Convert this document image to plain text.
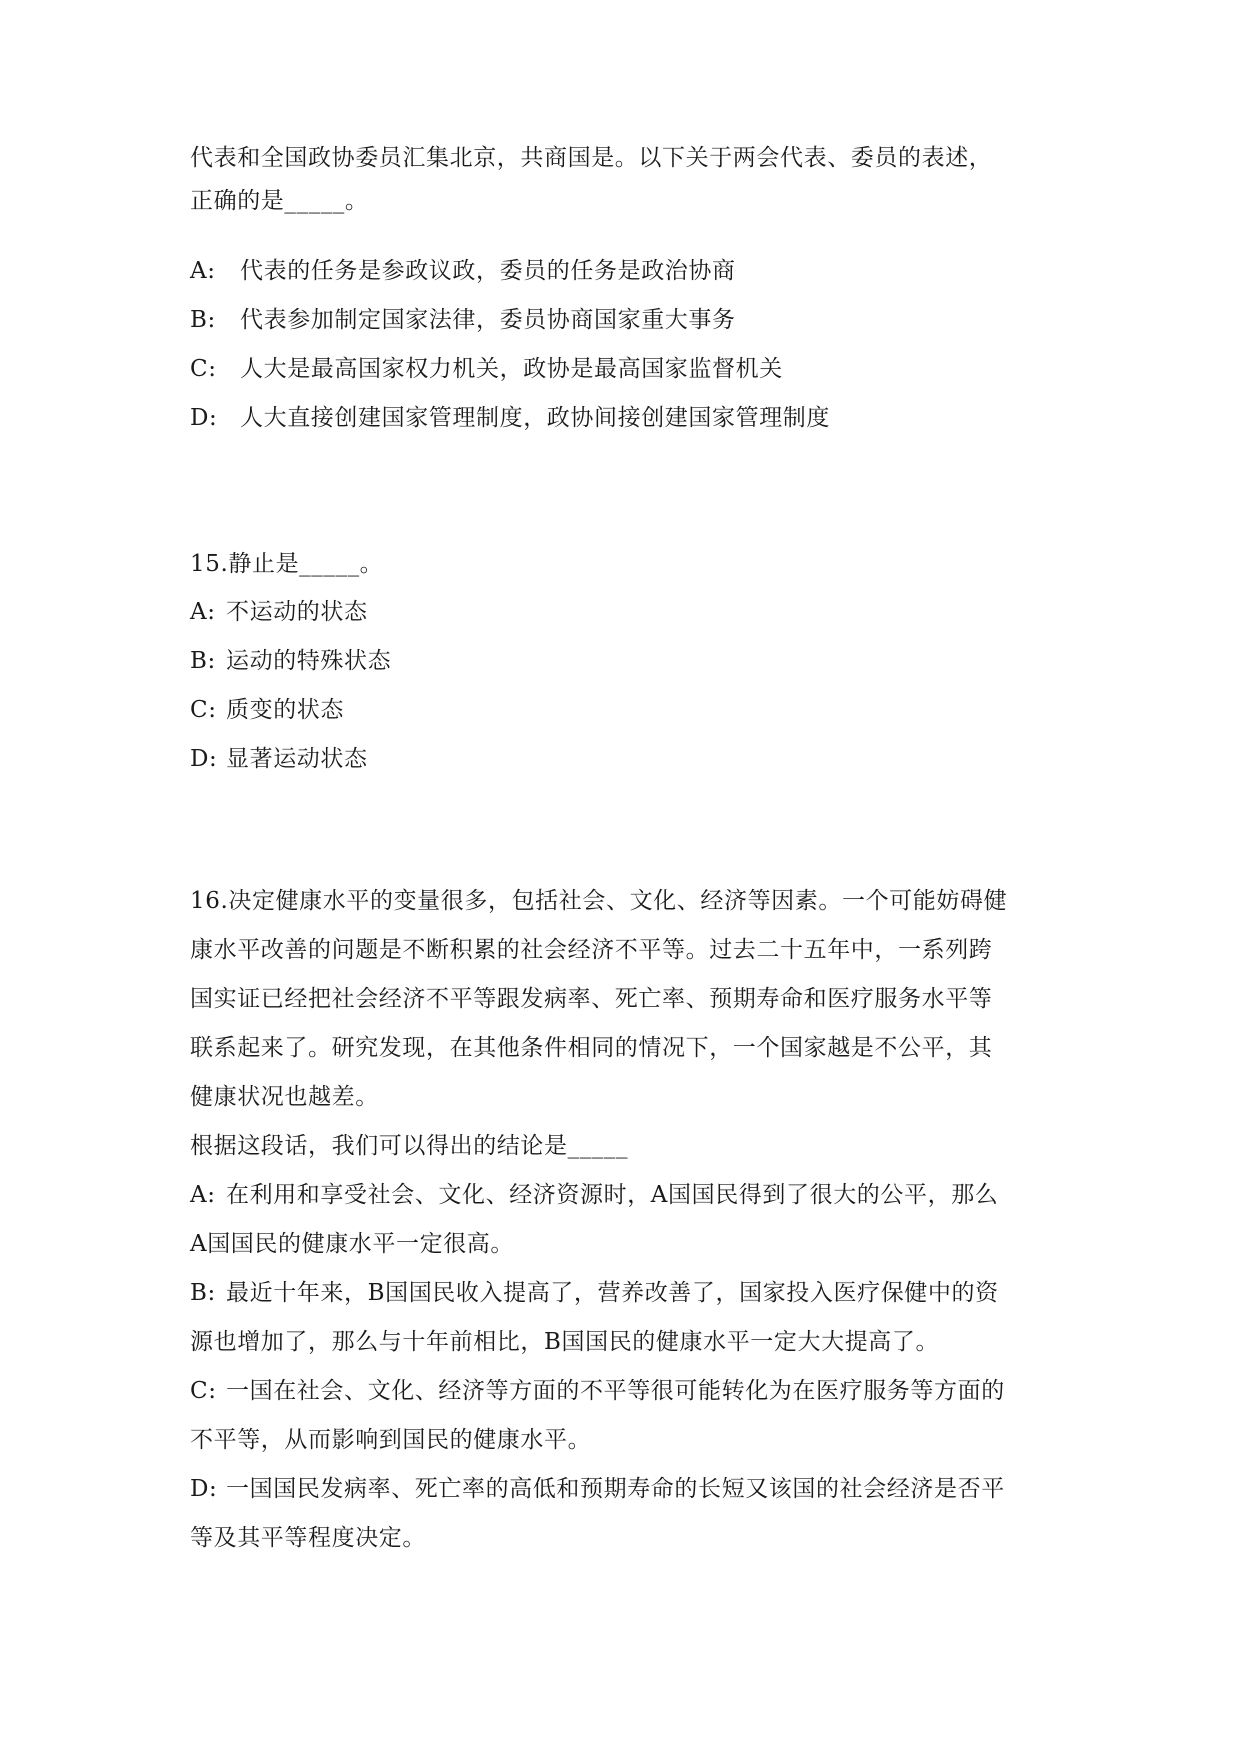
代表和全国政协委员汇集北京，共商国是。以下关于两会代表、委员的表述，
正确的是_____。
A: 代表的任务是参政议政，委员的任务是政治协商
B: 代表参加制定国家法律，委员协商国家重大事务
C: 人大是最高国家权力机关，政协是最高国家监督机关
D: 人大直接创建国家管理制度，政协间接创建国家管理制度
15.静止是_____。
A: 不运动的状态
B: 运动的特殊状态
C: 质变的状态
D: 显著运动状态
16.决定健康水平的变量很多，包括社会、文化、经济等因素。一个可能妨碍健
康水平改善的问题是不断积累的社会经济不平等。过去二十五年中，一系列跨
国实证已经把社会经济不平等跟发病率、死亡率、预期寿命和医疗服务水平等
联系起来了。研究发现，在其他条件相同的情况下，一个国家越是不公平，其
健康状况也越差。
根据这段话，我们可以得出的结论是_____
A: 在利用和享受社会、文化、经济资源时，A国国民得到了很大的公平，那么
A国国民的健康水平一定很高。
B: 最近十年来，B国国民收入提高了，营养改善了，国家投入医疗保健中的资
源也增加了，那么与十年前相比，B国国民的健康水平一定大大提高了。
C: 一国在社会、文化、经济等方面的不平等很可能转化为在医疗服务等方面的
不平等，从而影响到国民的健康水平。
D: 一国国民发病率、死亡率的高低和预期寿命的长短又该国的社会经济是否平
等及其平等程度决定。
